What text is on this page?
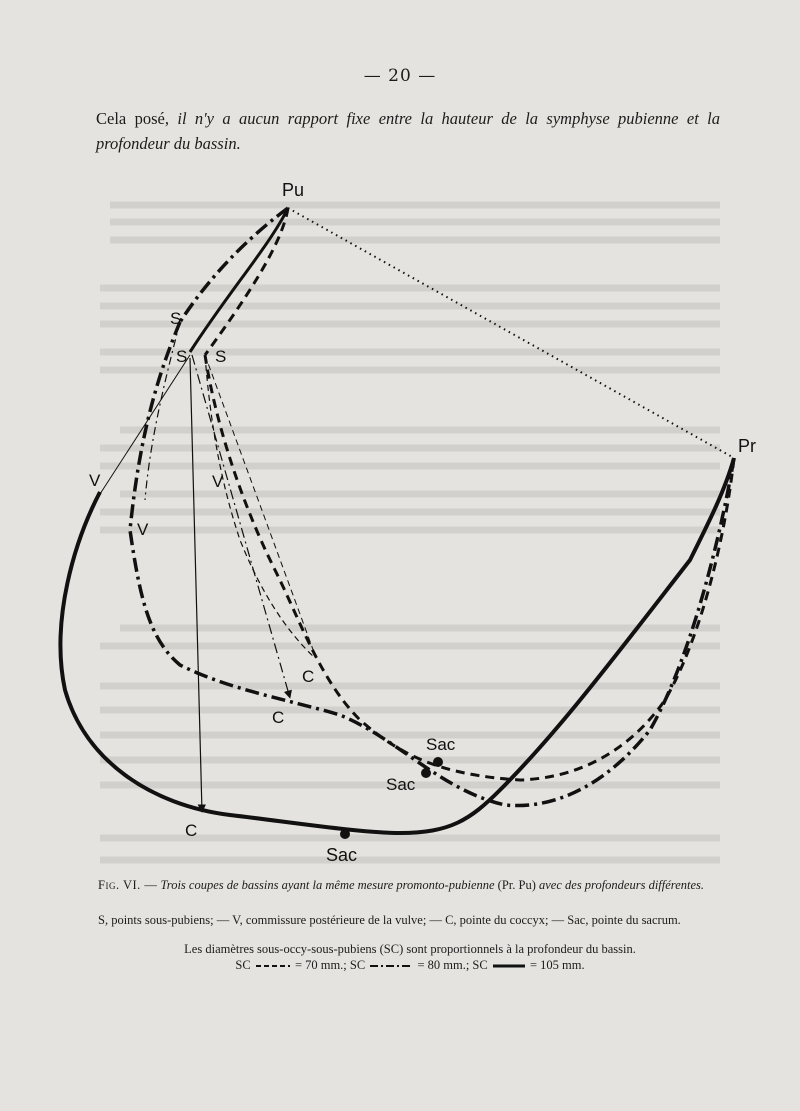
— 20 —
Cela posé, il n'y a aucun rapport fixe entre la hauteur de la symphyse pubienne et la profondeur du bassin.
Pu
Pr
S
S S
V
V
V
C
C
C
Sac
Sac
Sac
Fig. VI. — Trois coupes de bassins ayant la même mesure promonto-pubienne (Pr. Pu) avec des profondeurs différentes.
S, points sous-pubiens; — V, commissure postérieure de la vulve; — C, pointe du coccyx; — Sac, pointe du sacrum.
Les diamètres sous-occy-sous-pubiens (SC) sont proportionnels à la profondeur du bassin.
SC	= 70 mm.; SC	= 80 mm.; SC	= 105 mm.
